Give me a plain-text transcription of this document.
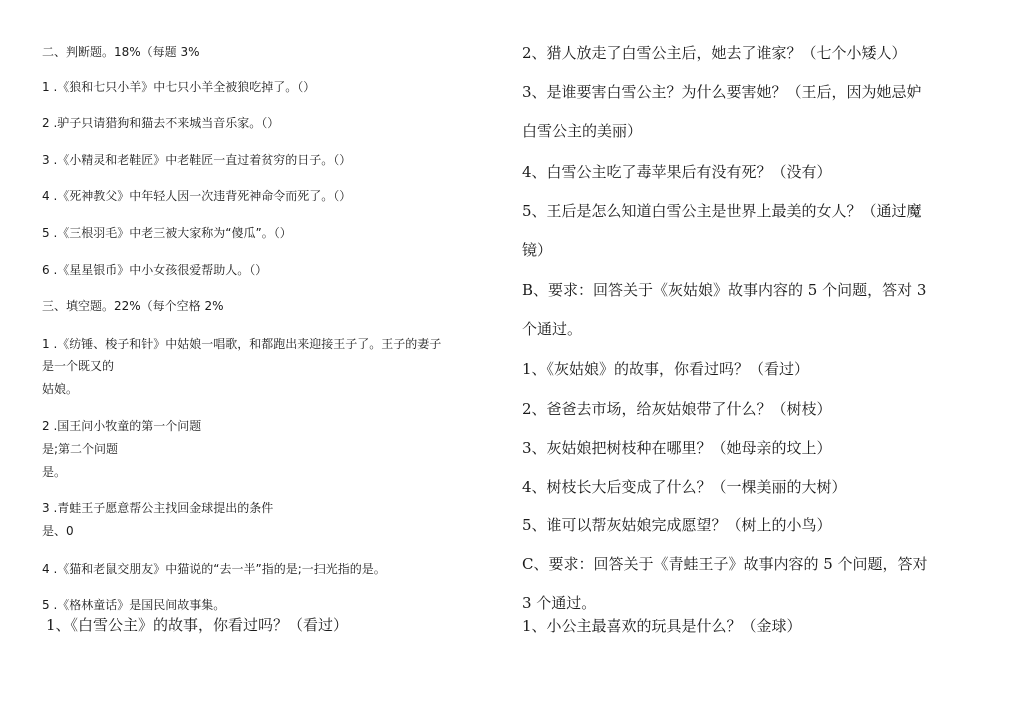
二、判断题。18%（每题 3%
1 .《狼和七只小羊》中七只小羊全被狼吃掉了。（）
2 .驴子只请猎狗和猫去不来城当音乐家。（）
3 .《小精灵和老鞋匠》中老鞋匠一直过着贫穷的日子。（）
4 .《死神教父》中年轻人因一次违背死神命令而死了。（）
5 .《三根羽毛》中老三被大家称为“傻瓜”。（）
6 .《星星银币》中小女孩很爱帮助人。（）
三、填空题。22%（每个空格 2%
1 .《纺锤、梭子和针》中姑娘一唱歌，和都跑出来迎接王子了。王子的妻子
是一个既又的
姑娘。
2 .国王问小牧童的第一个问题
是;第二个问题
是。
3 .青蛙王子愿意帮公主找回金球提出的条件
是、0
4 .《猫和老鼠交朋友》中猫说的“去一半”指的是;一扫光指的是。
5 .《格林童话》是国民间故事集。
1、《白雪公主》的故事，你看过吗？（看过）
2、猎人放走了白雪公主后，她去了谁家？（七个小矮人）
3、是谁要害白雪公主？为什么要害她？（王后，因为她忌妒
白雪公主的美丽）
4、白雪公主吃了毒苹果后有没有死？（没有）
5、王后是怎么知道白雪公主是世界上最美的女人？（通过魔
镜）
B、要求：回答关于《灰姑娘》故事内容的 5 个问题，答对 3
个通过。
1、《灰姑娘》的故事，你看过吗？（看过）
2、爸爸去市场，给灰姑娘带了什么？（树枝）
3、灰姑娘把树枝种在哪里？（她母亲的坟上）
4、树枝长大后变成了什么？（一棵美丽的大树）
5、谁可以帮灰姑娘完成愿望？（树上的小鸟）
C、要求：回答关于《青蛙王子》故事内容的 5 个问题，答对
3 个通过。
1、小公主最喜欢的玩具是什么？（金球）
